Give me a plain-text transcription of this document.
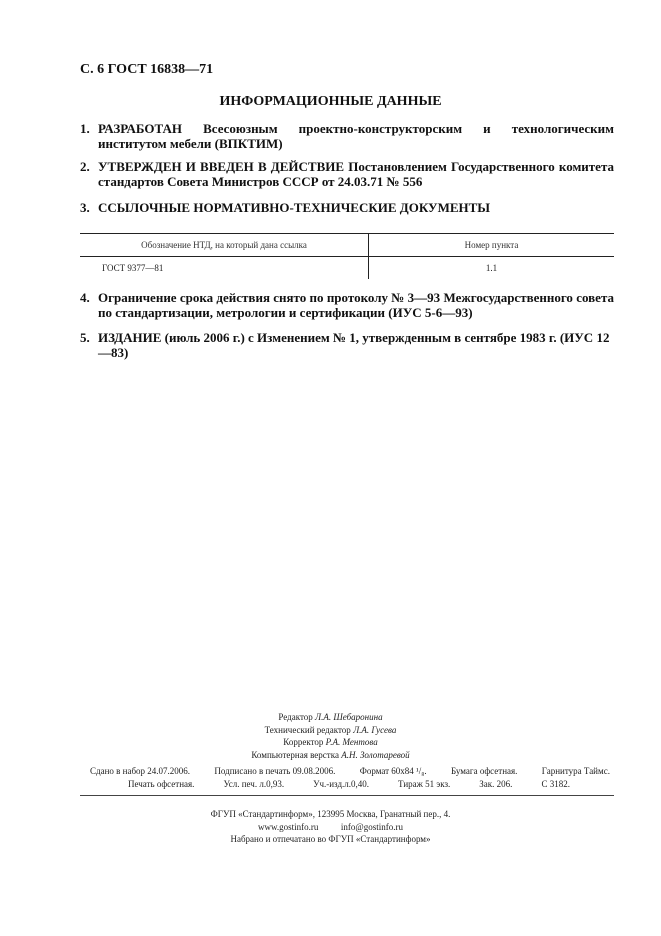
С. 6 ГОСТ 16838—71
ИНФОРМАЦИОННЫЕ ДАННЫЕ
1. РАЗРАБОТАН Всесоюзным проектно-конструкторским и технологическим институтом мебели (ВПКТИМ)
2. УТВЕРЖДЕН И ВВЕДЕН В ДЕЙСТВИЕ Постановлением Государственного комитета стандартов Совета Министров СССР от 24.03.71 № 556
3. ССЫЛОЧНЫЕ НОРМАТИВНО-ТЕХНИЧЕСКИЕ ДОКУМЕНТЫ
Обозначение НТД, на который дана ссылка	Номер пункта
ГОСТ 9377—81	1.1
4. Ограничение срока действия снято по протоколу № 3—93 Межгосударственного совета по стандартизации, метрологии и сертификации (ИУС 5-6—93)
5. ИЗДАНИЕ (июль 2006 г.) с Изменением № 1, утвержденным в сентябре 1983 г. (ИУС 12—83)
Редактор Л.А. Шебаронина
Технический редактор Л.А. Гусева
Корректор Р.А. Ментова
Компьютерная верстка А.Н. Золотаревой
Сдано в набор 24.07.2006.	Подписано в печать 09.08.2006.	Формат 60x84 ¹/₈.	Бумага офсетная.	Гарнитура Таймс.
Печать офсетная.	Усл. печ. л.0,93.	Уч.-изд.л.0,40.	Тираж 51 экз.	Зак. 206.	С 3182.
ФГУП «Стандартинформ», 123995 Москва, Гранатный пер., 4.
www.gostinfo.ru          info@gostinfo.ru
Набрано и отпечатано во ФГУП «Стандартинформ»
